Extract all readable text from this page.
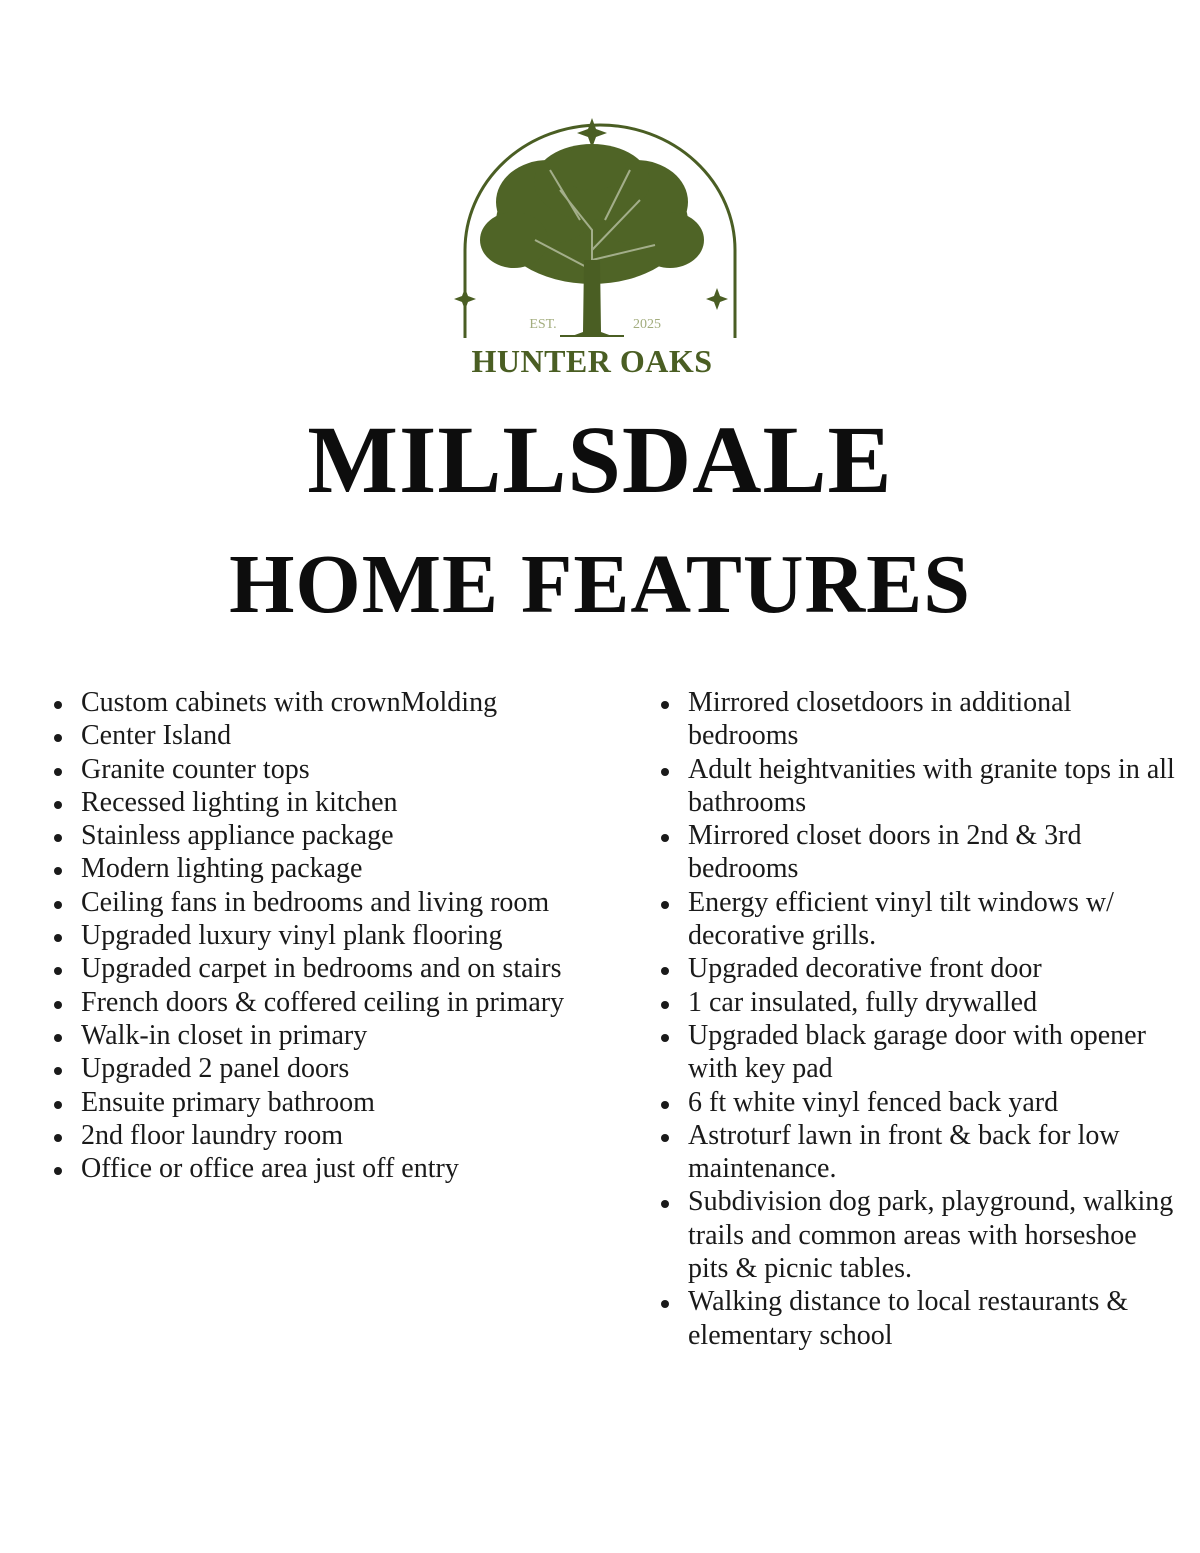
EST.	2025
HUNTER OAKS
MILLSDALE
HOME FEATURES
Custom cabinets with crownMolding
Center Island
Granite counter tops
Recessed lighting in kitchen
Stainless appliance package
Modern lighting package
Ceiling fans in bedrooms and living room
Upgraded luxury vinyl plank flooring
Upgraded carpet in bedrooms and on stairs
French doors & coffered ceiling in primary
Walk-in closet in primary
Upgraded 2 panel doors
Ensuite primary bathroom
2nd floor laundry room
Office or office area just off entry
Mirrored closetdoors in additional bedrooms
Adult heightvanities with granite tops in all bathrooms
Mirrored closet doors in 2nd & 3rd bedrooms
Energy efficient vinyl tilt windows w/ decorative grills.
Upgraded decorative front door
1 car insulated, fully drywalled
Upgraded black garage door with opener with key pad
6 ft white vinyl fenced back yard
Astroturf lawn in front & back for low maintenance.
Subdivision dog park, playground, walking trails and common areas with horseshoe pits & picnic tables.
Walking distance to local restaurants & elementary school
